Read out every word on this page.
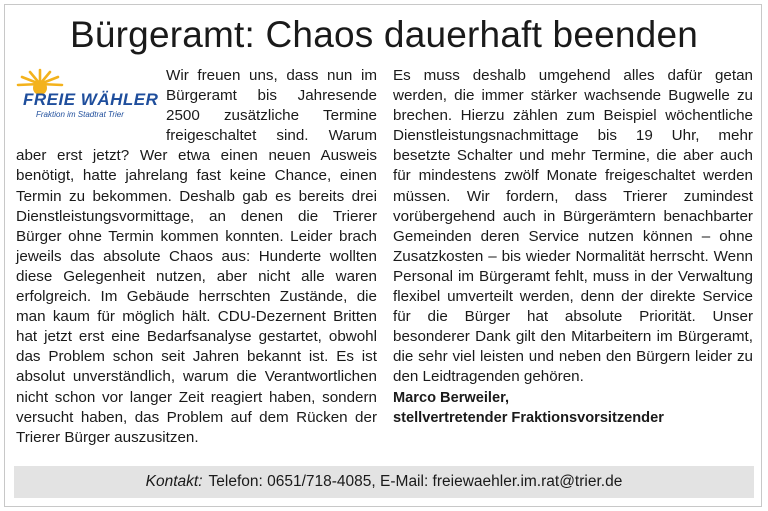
Bürgeramt: Chaos dauerhaft beenden
FREIE WÄHLER
Fraktion im Stadtrat Trier
Wir freuen uns, dass nun im Bürgeramt bis Jahresende 2500 zusätzliche Termine freigeschaltet sind. Warum aber erst jetzt? Wer etwa einen neuen Ausweis benötigt, hatte jahrelang fast keine Chance, einen Termin zu bekommen. Deshalb gab es bereits drei Dienstleistungsvormittage, an denen die Trierer Bürger ohne Termin kommen konnten. Leider brach jeweils das absolute Chaos aus: Hunderte wollten diese Gelegenheit nutzen, aber nicht alle waren erfolgreich. Im Gebäude herrschten Zustände, die man kaum für möglich hält. CDU-Dezernent Britten hat jetzt erst eine Bedarfsanalyse gestartet, obwohl das Problem schon seit Jahren bekannt ist. Es ist absolut unverständlich, warum die Verantwortlichen nicht schon vor langer Zeit reagiert haben, sondern versucht haben, das Problem auf dem Rücken der Trierer Bürger auszusitzen.
Es muss deshalb umgehend alles dafür getan werden, die immer stärker wachsende Bugwelle zu brechen. Hierzu zählen zum Beispiel wöchentliche Dienstleistungsnachmittage bis 19 Uhr, mehr besetzte Schalter und mehr Termine, die aber auch für mindestens zwölf Monate freigeschaltet werden müssen. Wir fordern, dass Trierer zumindest vorübergehend auch in Bürgerämtern benachbarter Gemeinden deren Service nutzen können – ohne Zusatzkosten – bis wieder Normalität herrscht. Wenn Personal im Bürgeramt fehlt, muss in der Verwaltung flexibel umverteilt werden, denn der direkte Service für die Bürger hat absolute Priorität. Unser besonderer Dank gilt den Mitarbeitern im Bürgeramt, die sehr viel leisten und neben den Bürgern leider zu den Leidtragenden gehören.
Marco Berweiler,
stellvertretender Fraktionsvorsitzender
Kontakt: Telefon: 0651/718-4085, E-Mail: freiewaehler.im.rat@trier.de
